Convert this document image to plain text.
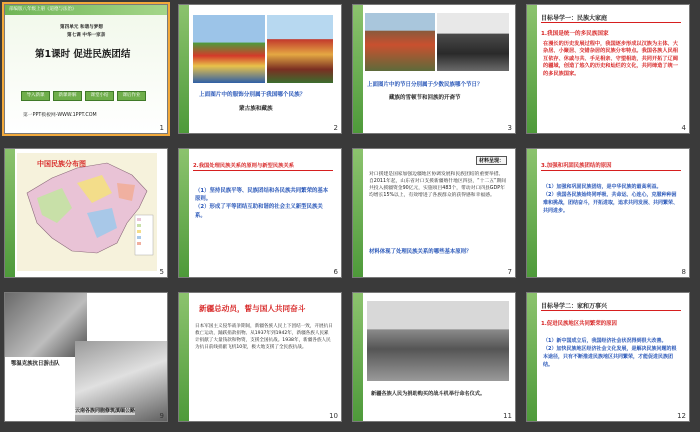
部编版八年级上册《道德与法治》
第四单元 和谐与梦想
第七课 中华一家亲
第1课时 促进民族团结
导入新课	新课讲解	课堂小结	课后作业
第一PPT模板网-WWW.1PPT.COM
1
上面图片中的服饰分别属于我国哪个民族？
蒙古族和藏族
2
上面图片中的节日分别属于少数民族哪个节日？
藏族的雪顿节和回族的开斋节
3
目标导学一：民族大家庭
1.我国是统一的多民族国家
在漫长的历史发展过程中，我国逐步形成以汉族为主体、大杂居、小聚居、交错杂居的民族分布特点。我国各族人民相互依存、休戚与共、手足相亲、守望相助，共同开拓了辽阔的疆域，创造了悠久的历史和灿烂的文化，共同缔造了统一的多民族国家。
4
中国民族分布图
5
2.我国处理民族关系的原则与新型民族关系
（1）坚持民族平等、民族团结和各民族共同繁荣的基本原则。
（2）形成了平等团结互助和谐的社会主义新型民族关系。
6
材料呈现：
对口援建是国家加强边疆地区协调发展和民族团结的重要举措。自2011年起，山东省对口支援新疆喀什地区四县，“十二五”期间共投入援疆资金90亿元，实施项目483个，带动对口四县GDP年均增长15%以上，有效增进了各族群众的获得感和幸福感。
材料体现了处理民族关系的哪些基本原则？
7
3.加强和巩固民族团结的原因
（1）加强和巩固民族团结，是中华民族的最高利益。
（2）我国各民族始终同呼吸、共命运、心连心，克服种种困难和挑战，团结奋斗，开拓进取，追求共同发展、共同繁荣、共同进步。
8
鄂温克族抗日游击队
云南各族同胞修筑滇缅公路
9
新疆总动员，誓与国人共同奋斗
日本军国主义侵华战争期间，新疆各族人民上下团结一致，开展抗日救亡运动，踊跃捐款捐物。从1937年到1942年，新疆各族人民累计捐献了大量钱款和物资，支援全国抗战。1938年，新疆各族人民为抗日前线捐献飞机10架，极大地支援了全民族抗战。
10
新疆各族人民为捐助购买的战斗机举行命名仪式。
11
目标导学二：家和万事兴
1.促进民族地区共同繁荣的原因
（1）新中国成立后，我国经济社会状况得到很大改善。
（2）加快民族地区经济社会文化发展，是解决民族问题的根本途径，只有不断推进民族地区共同繁荣，才能促进民族团结。
12
